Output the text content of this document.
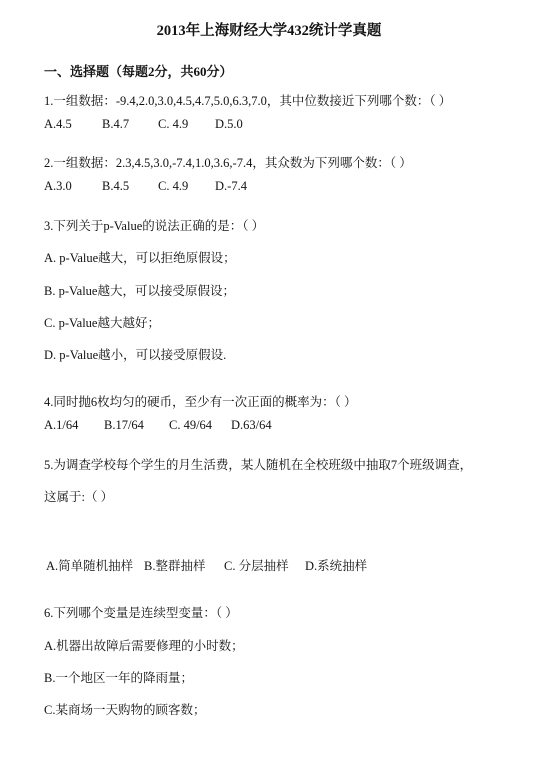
2013年上海财经大学432统计学真题
一、选择题（每题2分，共60分）
1.一组数据：-9.4,2.0,3.0,4.5,4.7,5.0,6.3,7.0，其中位数接近下列哪个数：（ ）
A.4.5 B.4.7 C. 4.9 D.5.0
2.一组数据：2.3,4.5,3.0,-7.4,1.0,3.6,-7.4，其众数为下列哪个数：（ ）
A.3.0 B.4.5 C. 4.9 D.-7.4
3.下列关于p-Value的说法正确的是：（ ）
A. p-Value越大，可以拒绝原假设；
B. p-Value越大，可以接受原假设；
C. p-Value越大越好；
D. p-Value越小，可以接受原假设.
4.同时抛6枚均匀的硬币，至少有一次正面的概率为：（ ）
A.1/64 B.17/64 C. 49/64 D.63/64
5.为调查学校每个学生的月生活费，某人随机在全校班级中抽取7个班级调查，
这属于:（ ）
A.简单随机抽样 B.整群抽样 C. 分层抽样 D.系统抽样
6.下列哪个变量是连续型变量：（ ）
A.机器出故障后需要修理的小时数；
B.一个地区一年的降雨量；
C.某商场一天购物的顾客数；
